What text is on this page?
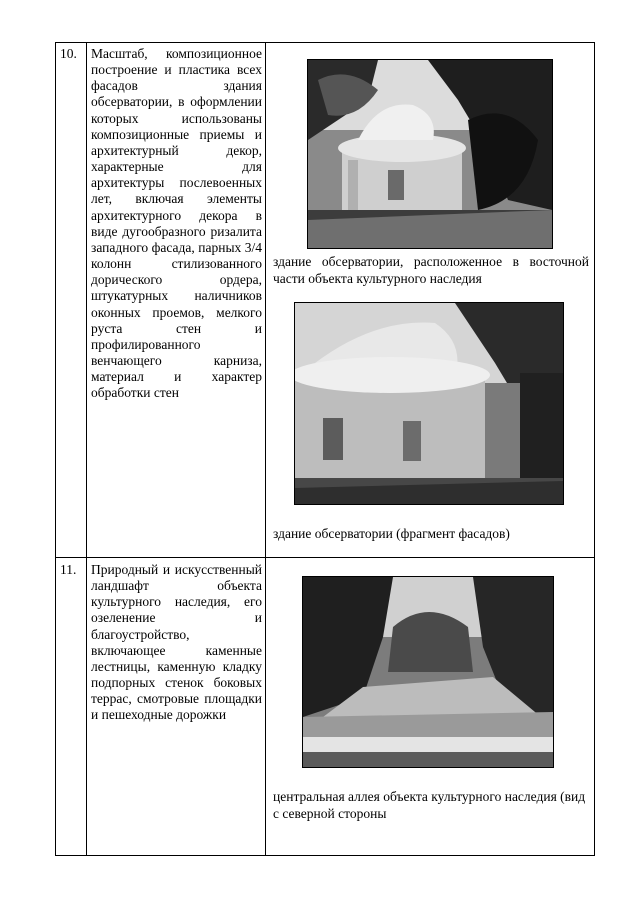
10. Масштаб, композиционное построение и пластика всех фасадов здания обсерватории, в оформлении которых использованы композиционные приемы и архитектурный декор, характерные для архитектуры послевоенных лет, включая элементы архитектурного декора в виде дугообразного ризалита западного фасада, парных 3/4 колонн стилизованного дорического ордера, штукатурных наличников оконных проемов, мелкого руста стен и профилированного венчающего карниза, материал и характер обработки стен
здание обсерватории, расположенное в восточной части объекта культурного наследия
здание обсерватории (фрагмент фасадов)
11. Природный и искусственный ландшафт объекта культурного наследия, его озеленение и благоустройство, включающее каменные лестницы, каменную кладку подпорных стенок боковых террас, смотровые площадки и пешеходные дорожки
центральная аллея объекта культурного наследия (вид с северной стороны
